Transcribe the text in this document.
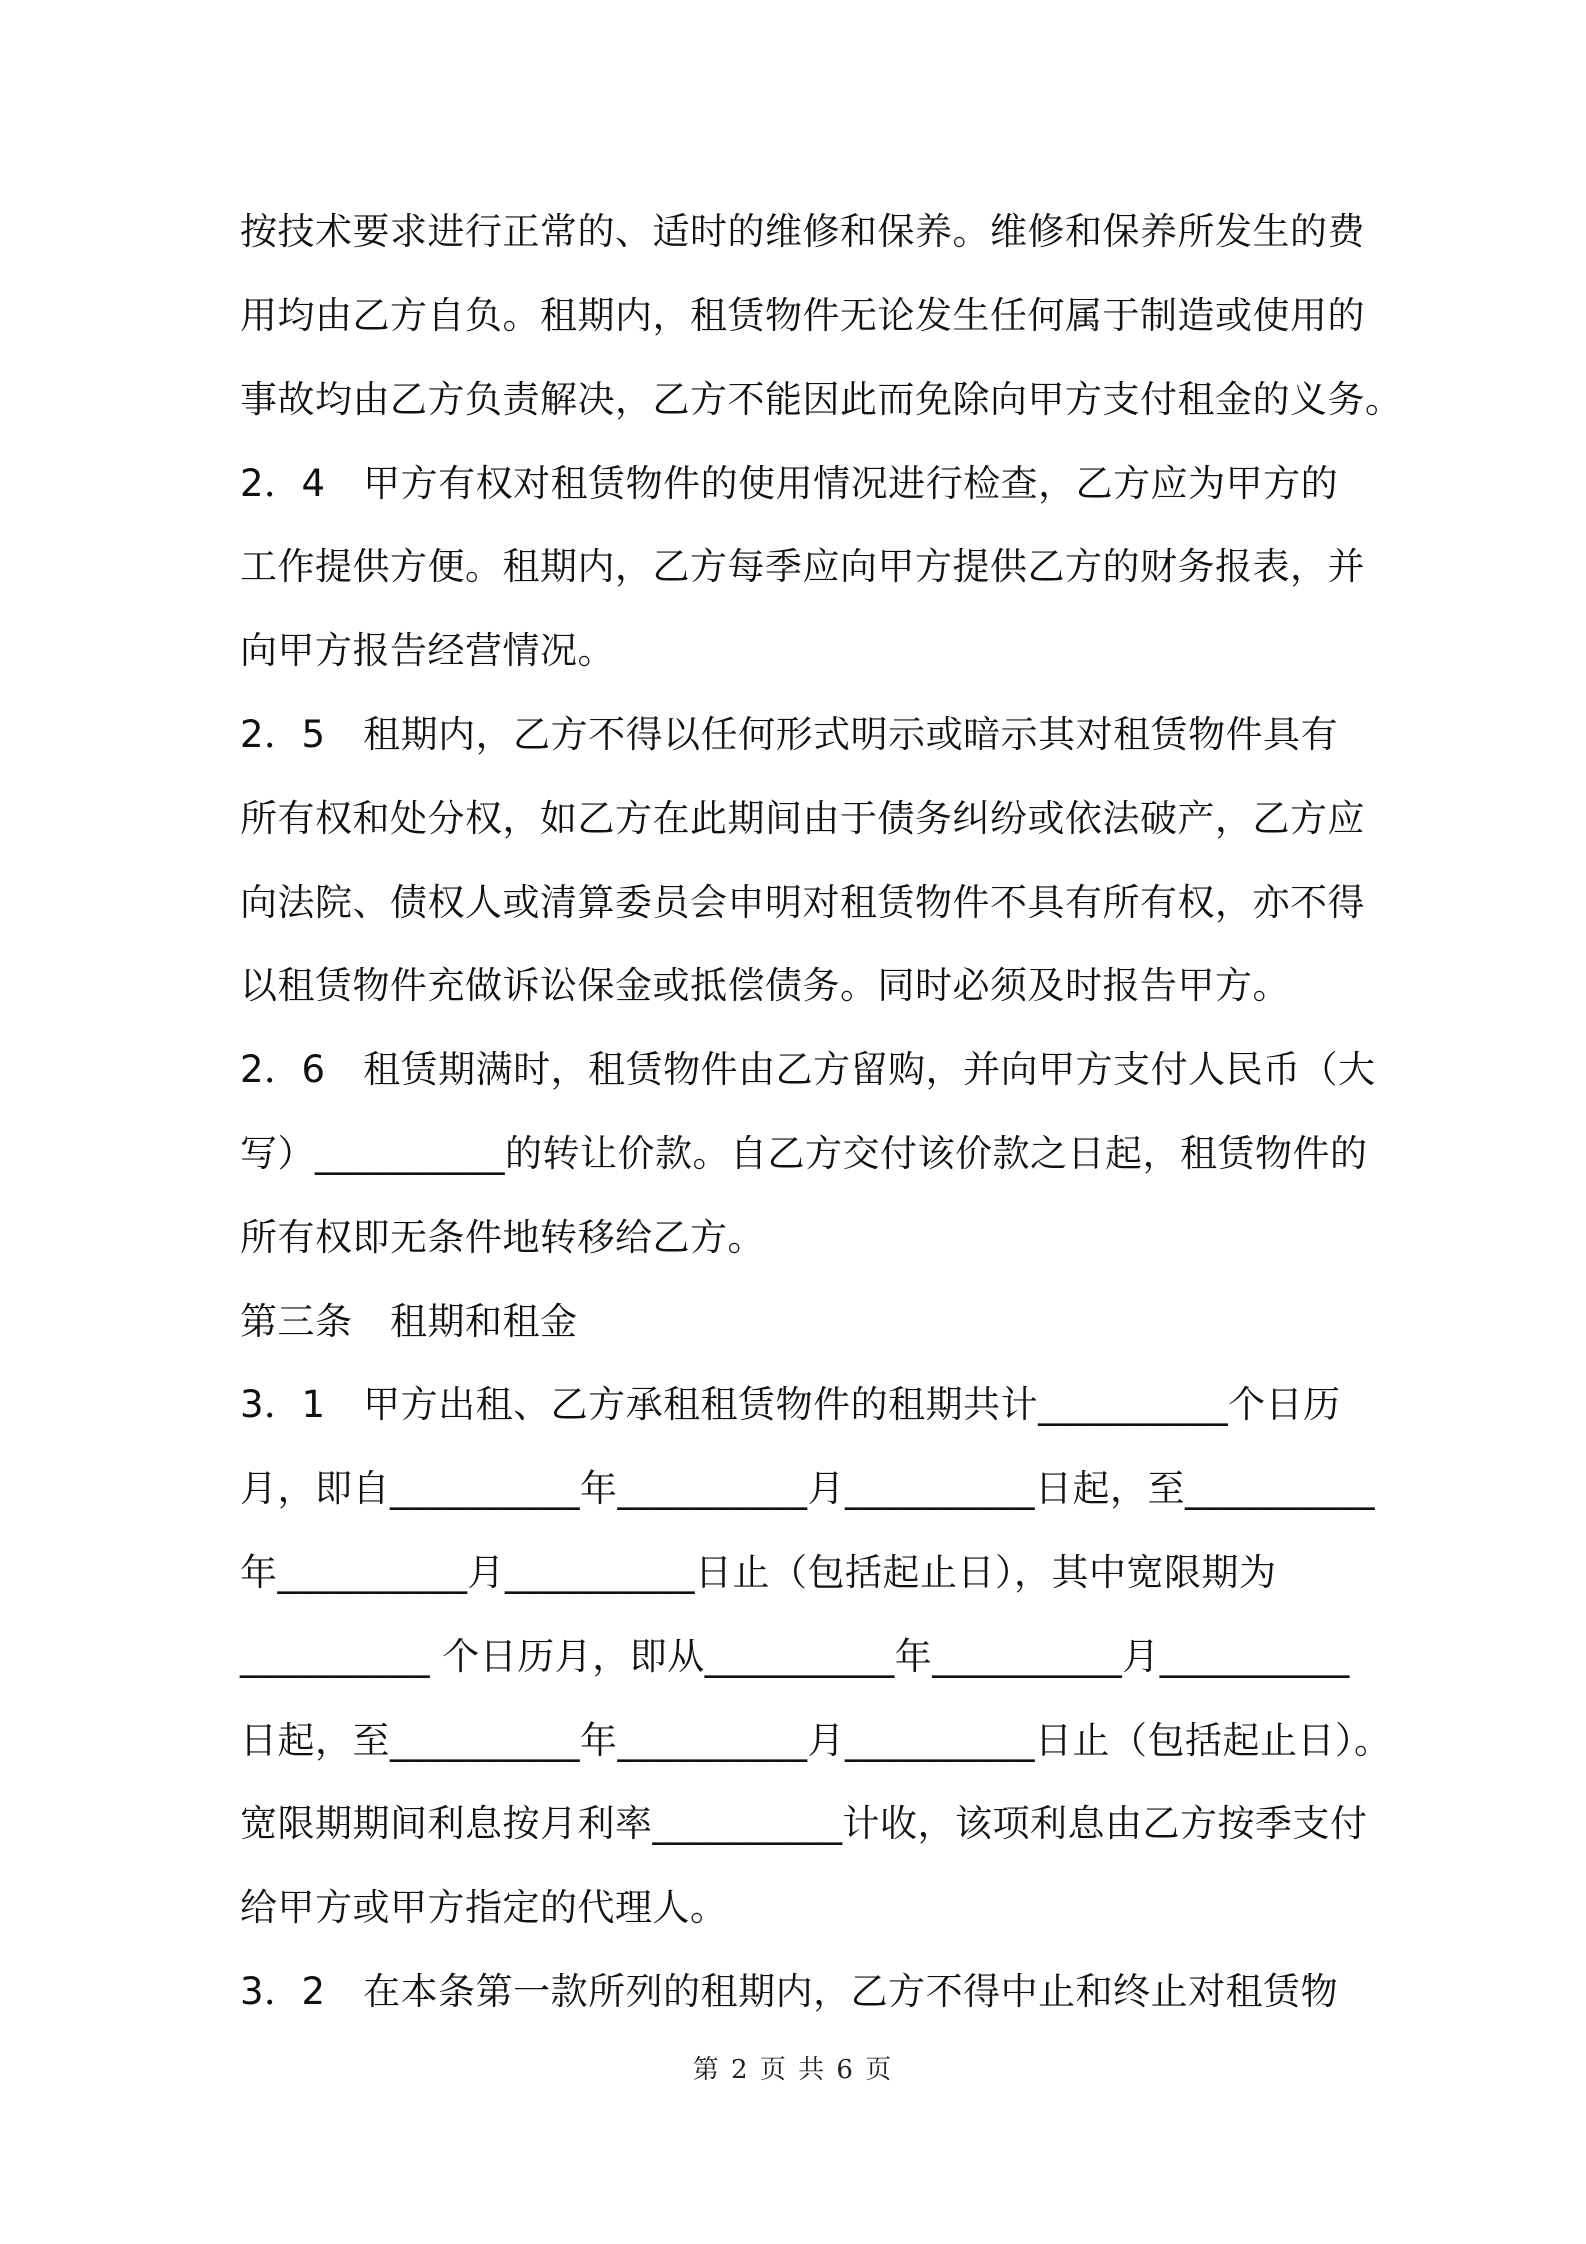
按技术要求进行正常的、适时的维修和保养。维修和保养所发生的费
用均由乙方自负。租期内，租赁物件无论发生任何属于制造或使用的
事故均由乙方负责解决，乙方不能因此而免除向甲方支付租金的义务。
2．4　甲方有权对租赁物件的使用情况进行检查，乙方应为甲方的
工作提供方便。租期内，乙方每季应向甲方提供乙方的财务报表，并
向甲方报告经营情况。
2．5　租期内，乙方不得以任何形式明示或暗示其对租赁物件具有
所有权和处分权，如乙方在此期间由于债务纠纷或依法破产，乙方应
向法院、债权人或清算委员会申明对租赁物件不具有所有权，亦不得
以租赁物件充做诉讼保金或抵偿债务。同时必须及时报告甲方。
2．6　租赁期满时，租赁物件由乙方留购，并向甲方支付人民币（大
写）__________的转让价款。自乙方交付该价款之日起，租赁物件的
所有权即无条件地转移给乙方。
第三条　租期和租金
3．1　甲方出租、乙方承租租赁物件的租期共计__________个日历
月，即自__________年__________月__________日起，至__________
年__________月__________日止（包括起止日），其中宽限期为
__________ 个日历月，即从__________年__________月__________
日起，至__________年__________月__________日止（包括起止日）。
宽限期期间利息按月利率__________计收，该项利息由乙方按季支付
给甲方或甲方指定的代理人。
3．2　在本条第一款所列的租期内，乙方不得中止和终止对租赁物
第 2 页 共 6 页
